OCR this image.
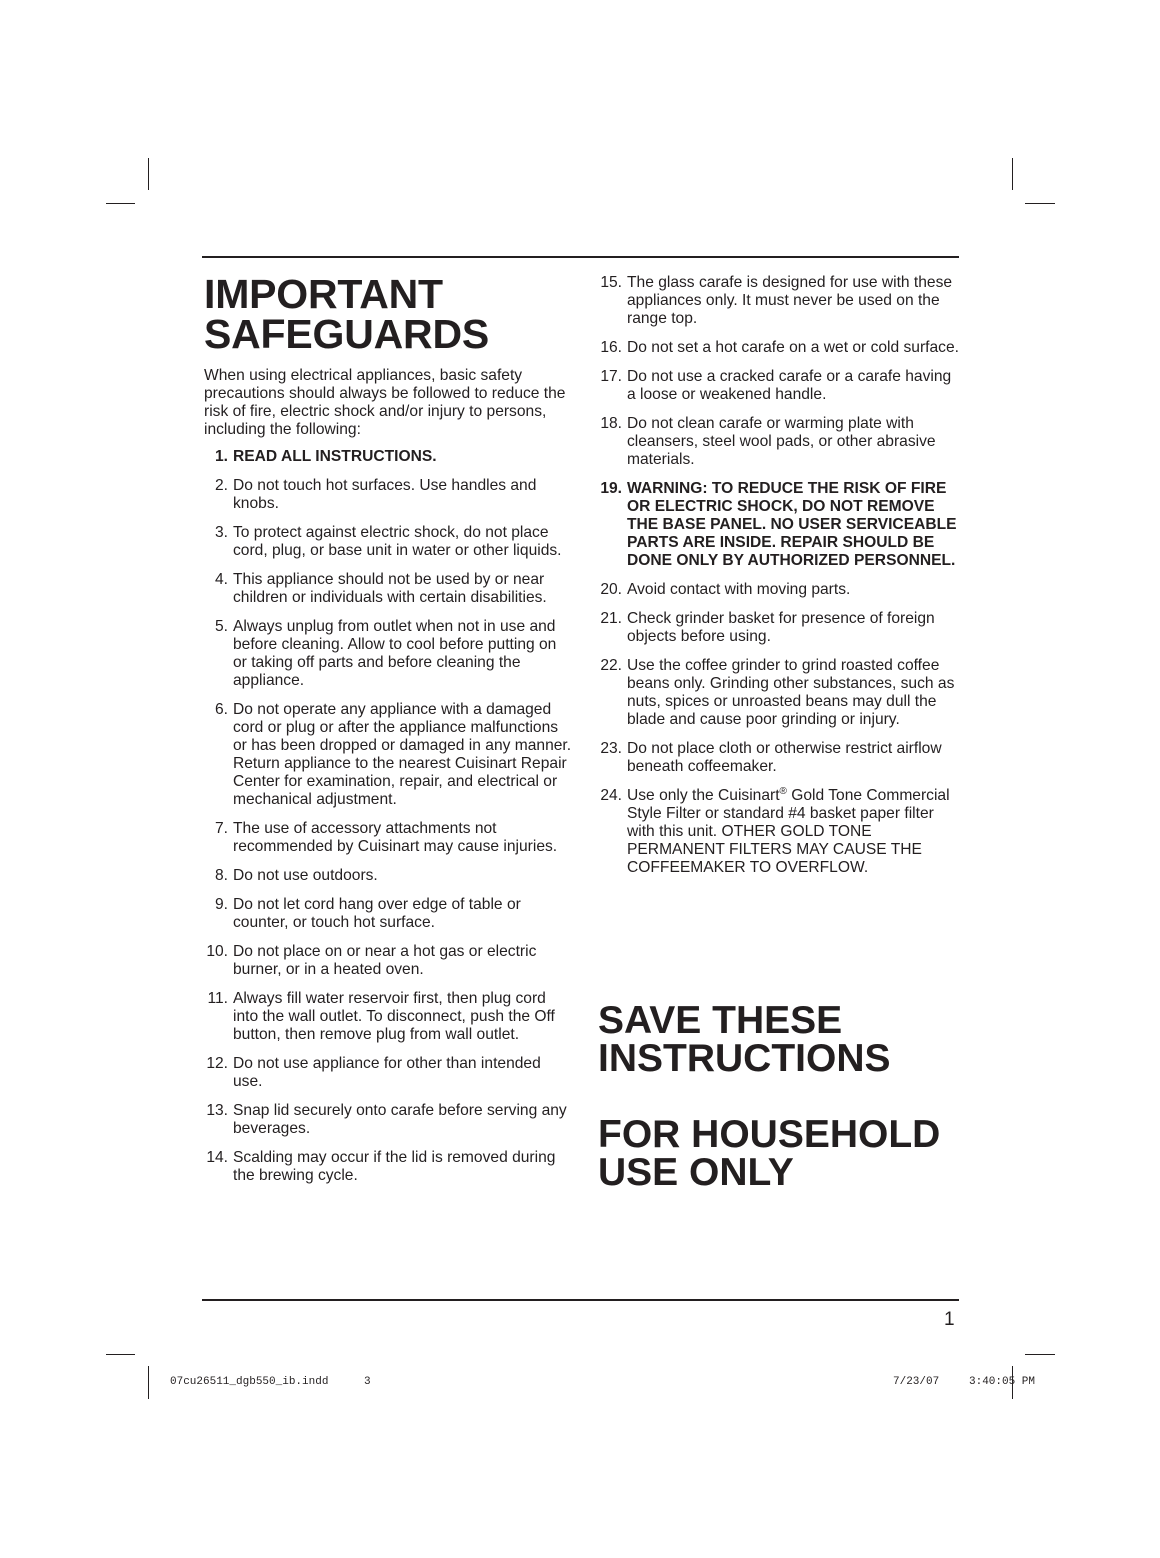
IMPORTANT
SAFEGUARDS

When using electrical appliances, basic safety precautions should always be followed to reduce the risk of fire, electric shock and/or injury to persons, including the following:

1. READ ALL INSTRUCTIONS.
2. Do not touch hot surfaces. Use handles and knobs.
3. To protect against electric shock, do not place cord, plug, or base unit in water or other liquids.
4. This appliance should not be used by or near children or individuals with certain disabilities.
5. Always unplug from outlet when not in use and before cleaning. Allow to cool before putting on or taking off parts and before cleaning the appliance.
6. Do not operate any appliance with a damaged cord or plug or after the appliance malfunctions or has been dropped or damaged in any manner. Return appliance to the nearest Cuisinart Repair Center for examination, repair, and electrical or mechanical adjustment.
7. The use of accessory attachments not recommended by Cuisinart may cause injuries.
8. Do not use outdoors.
9. Do not let cord hang over edge of table or counter, or touch hot surface.
10. Do not place on or near a hot gas or electric burner, or in a heated oven.
11. Always fill water reservoir first, then plug cord into the wall outlet. To disconnect, push the Off button, then remove plug from wall outlet.
12. Do not use appliance for other than intended use.
13. Snap lid securely onto carafe before serving any beverages.
14. Scalding may occur if the lid is removed during the brewing cycle.
15. The glass carafe is designed for use with these appliances only. It must never be used on the range top.
16. Do not set a hot carafe on a wet or cold surface.
17. Do not use a cracked carafe or a carafe having a loose or weakened handle.
18. Do not clean carafe or warming plate with cleansers, steel wool pads, or other abrasive materials.
19. WARNING: TO REDUCE THE RISK OF FIRE OR ELECTRIC SHOCK, DO NOT REMOVE THE BASE PANEL. NO USER SERVICEABLE PARTS ARE INSIDE. REPAIR SHOULD BE DONE ONLY BY AUTHORIZED PERSONNEL.
20. Avoid contact with moving parts.
21. Check grinder basket for presence of foreign objects before using.
22. Use the coffee grinder to grind roasted coffee beans only. Grinding other substances, such as nuts, spices or unroasted beans may dull the blade and cause poor grinding or injury.
23. Do not place cloth or otherwise restrict airflow beneath coffeemaker.
24. Use only the Cuisinart® Gold Tone Commercial Style Filter or standard #4 basket paper filter with this unit. OTHER GOLD TONE PERMANENT FILTERS MAY CAUSE THE COFFEEMAKER TO OVERFLOW.
SAVE THESE
INSTRUCTIONS
FOR HOUSEHOLD
USE ONLY
1
07cu26511_dgb550_ib.indd	3	7/23/07	3:40:05 PM
